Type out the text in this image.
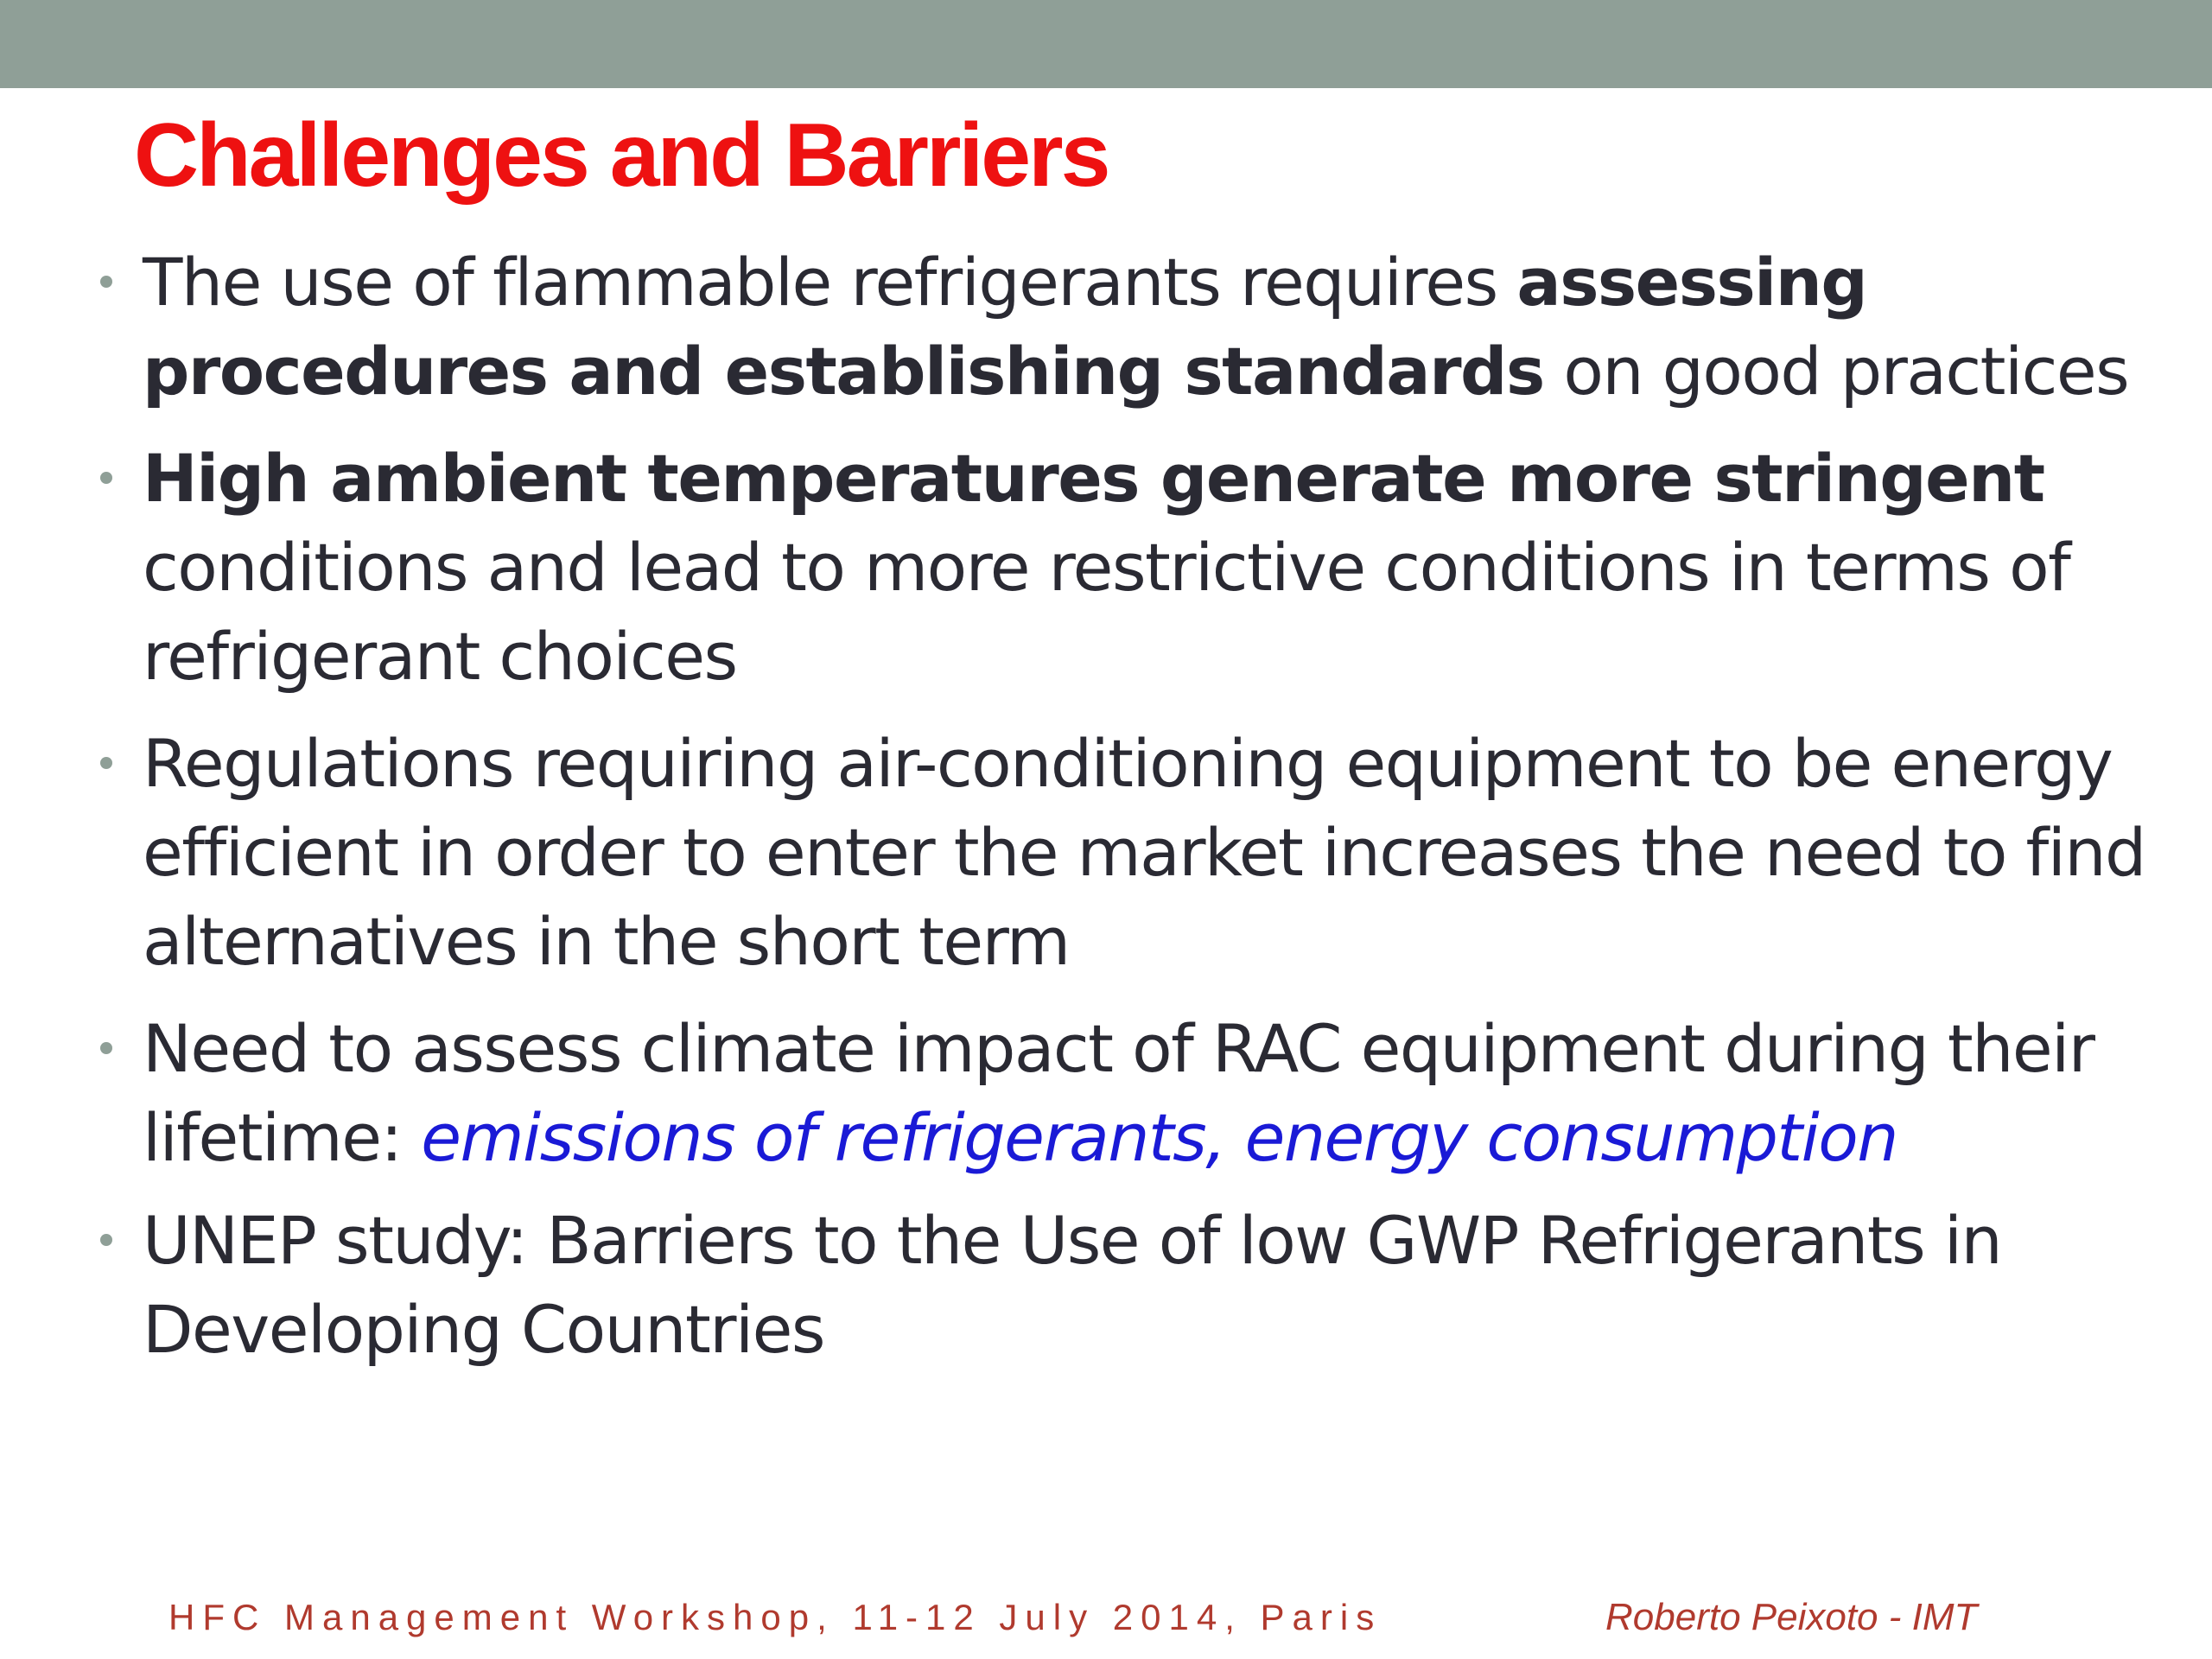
Challenges and Barriers
The use of flammable refrigerants requires assessing procedures and establishing standards on good practices
High ambient temperatures generate more stringent conditions and lead to more restrictive conditions in terms of refrigerant choices
Regulations requiring air-conditioning equipment to be energy efficient in order to enter the market increases the need to find alternatives in the short term
Need to assess climate impact of RAC equipment during their lifetime: emissions of refrigerants, energy consumption
UNEP study: Barriers to the Use of low GWP Refrigerants in Developing Countries
HFC Management Workshop, 11-12 July 2014, Paris	Roberto Peixoto - IMT
